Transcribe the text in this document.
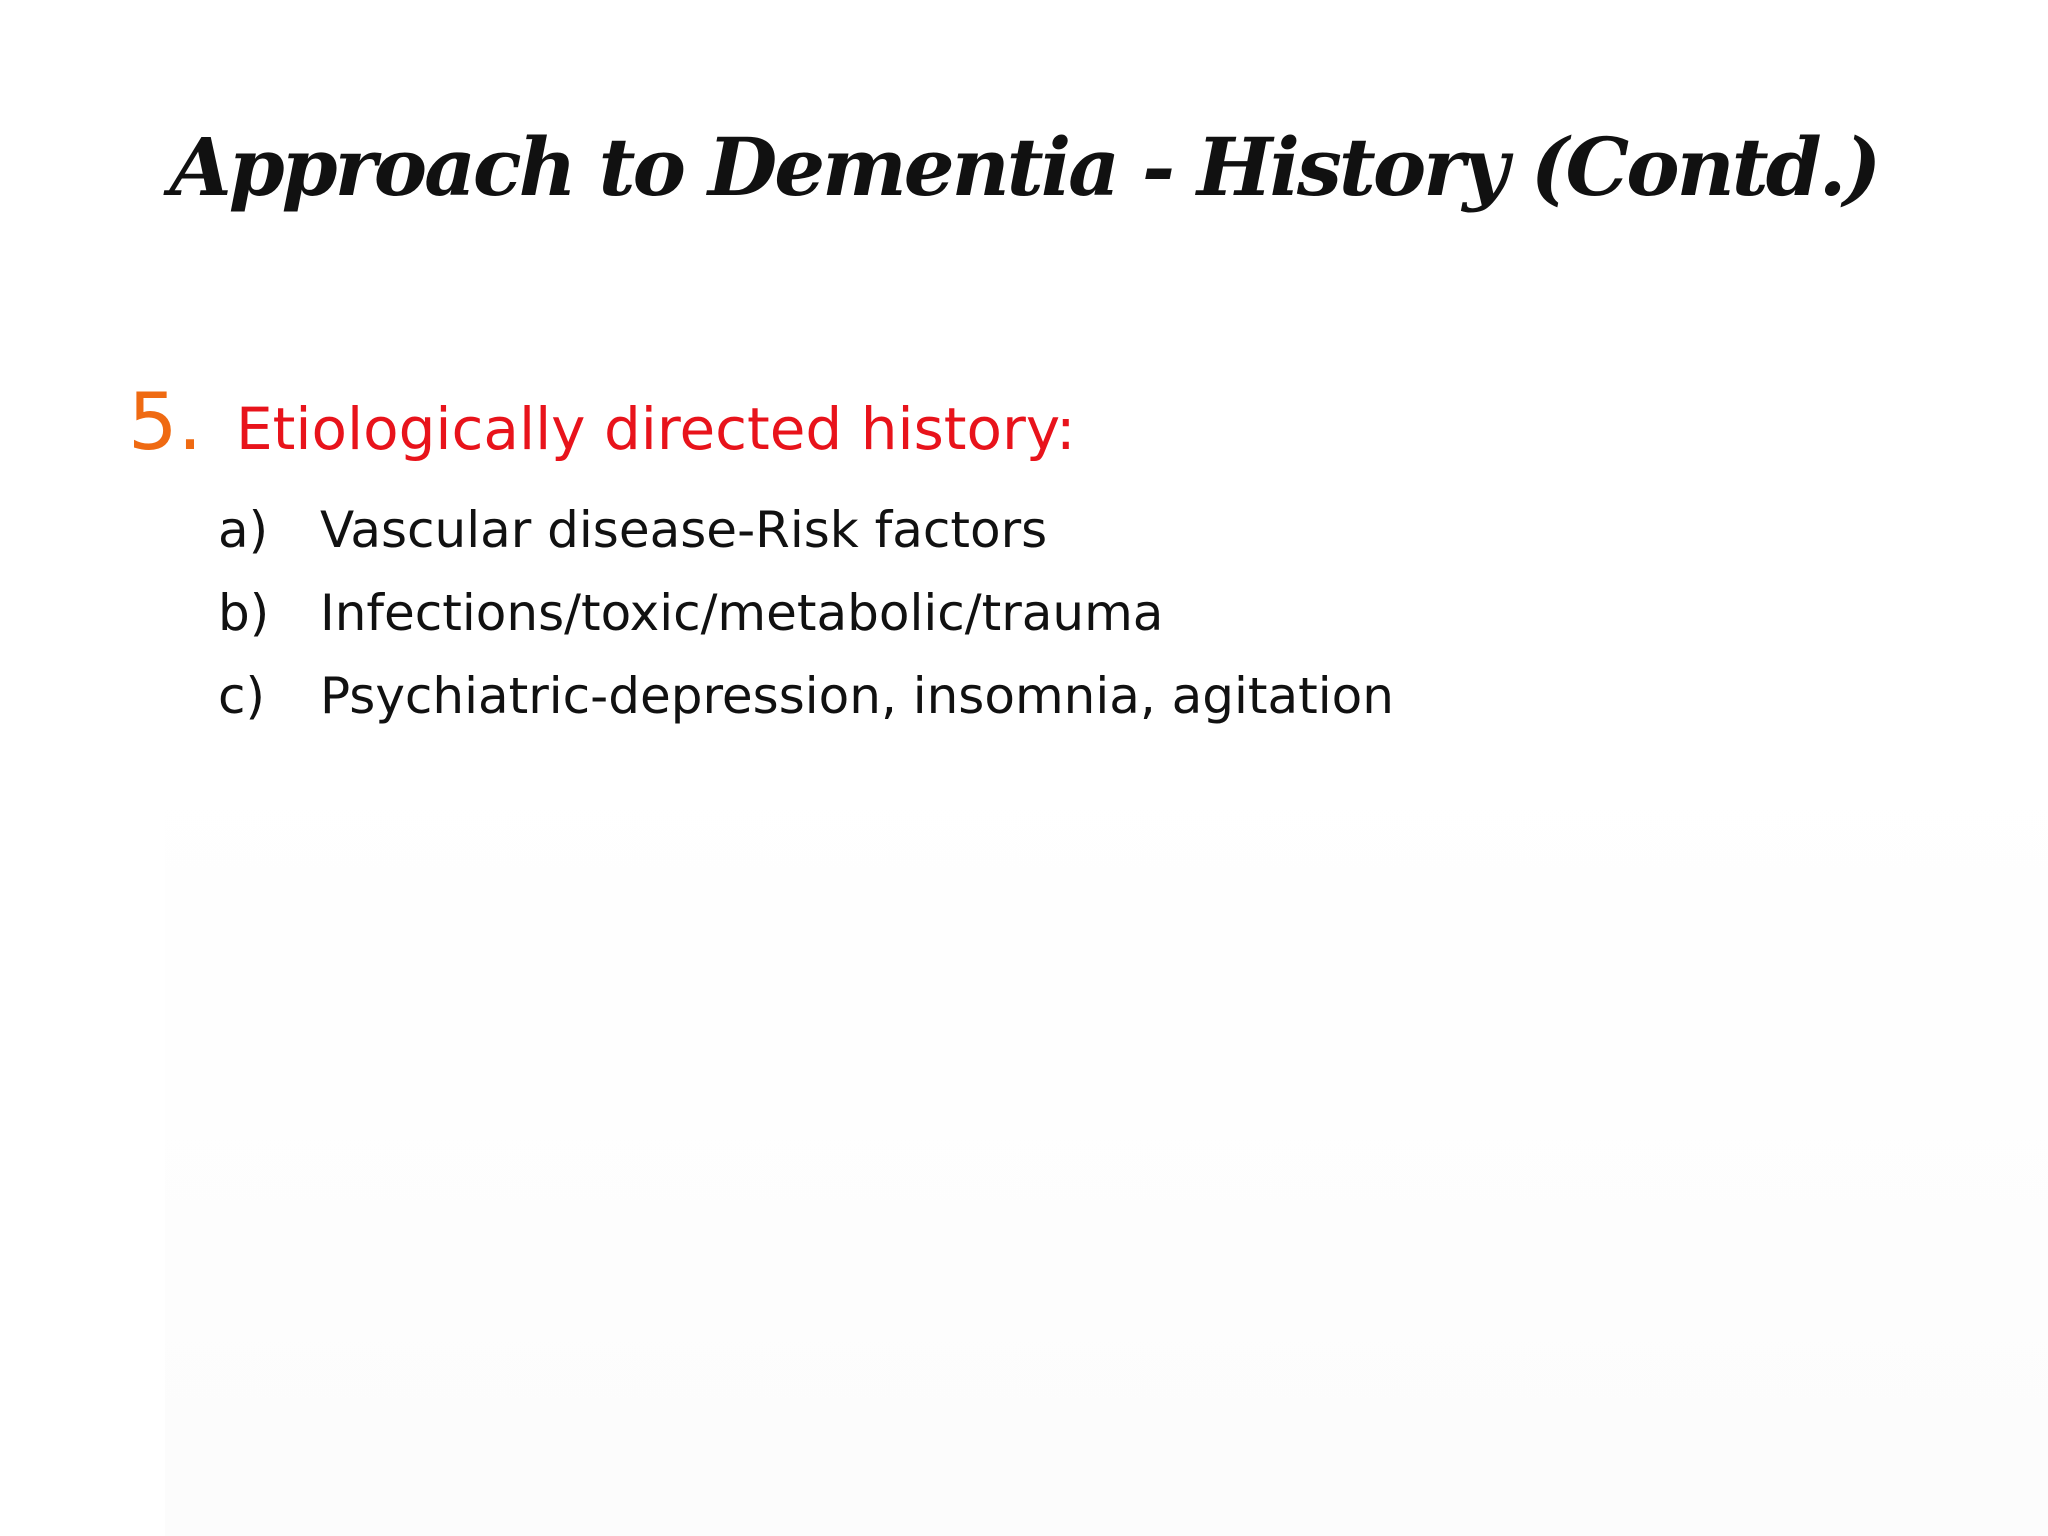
Approach to Dementia - History (Contd.)
5. Etiologically directed history:
a)	Vascular disease-Risk factors
b)	Infections/toxic/metabolic/trauma
c)	Psychiatric-depression, insomnia, agitation
